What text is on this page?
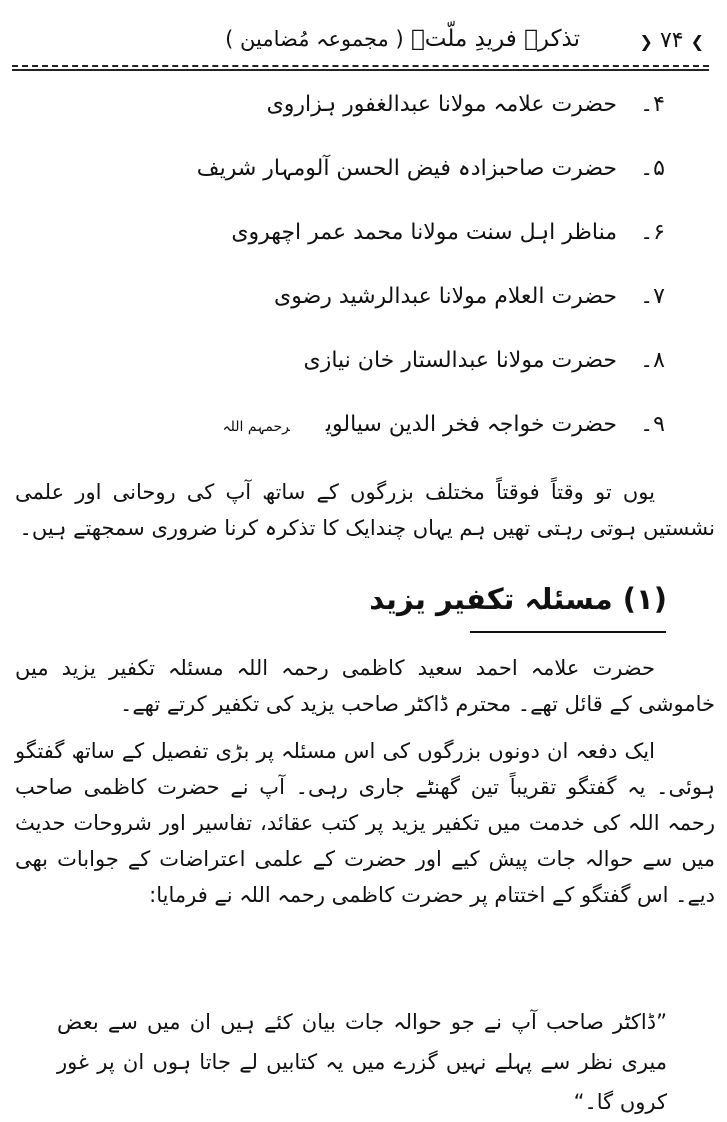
❯ ۷۴ ❮
تذکرۂ فریدِ ملّتؒ ( مجموعہ مُضامین )
۴۔
حضرت علامہ مولانا عبدالغفور ہزاروی
۵۔
حضرت صاحبزادہ فیض الحسن آلومہار شریف
۶۔
مناظر اہل سنت مولانا محمد عمر اچھروی
۷۔
حضرت العلام مولانا عبدالرشید رضوی
۸۔
حضرت مولانا عبدالستار خان نیازی
۹۔
حضرت خواجہ فخر الدین سیالویرحمہم اللہ
یوں تو وقتاً فوقتاً مختلف بزرگوں کے ساتھ آپ کی روحانی اور علمی نشستیں ہوتی رہتی تھیں ہم یہاں چندایک کا تذکرہ کرنا ضروری سمجھتے ہیں۔
(۱) مسئلہ تکفیر یزید
حضرت علامہ احمد سعید کاظمی رحمہ اللہ مسئلہ تکفیر یزید میں خاموشی کے قائل تھے۔ محترم ڈاکٹر صاحب یزید کی تکفیر کرتے تھے۔
ایک دفعہ ان دونوں بزرگوں کی اس مسئلہ پر بڑی تفصیل کے ساتھ گفتگو ہوئی۔ یہ گفتگو تقریباً تین گھنٹے جاری رہی۔ آپ نے حضرت کاظمی صاحب رحمہ اللہ کی خدمت میں تکفیر یزید پر کتب عقائد، تفاسیر اور شروحات حدیث میں سے حوالہ جات پیش کیے اور حضرت کے علمی اعتراضات کے جوابات بھی دیے۔ اس گفتگو کے اختتام پر حضرت کاظمی رحمہ اللہ نے فرمایا:
”ڈاکٹر صاحب آپ نے جو حوالہ جات بیان کئے ہیں ان میں سے بعض میری نظر سے پہلے نہیں گزرے میں یہ کتابیں لے جاتا ہوں ان پر غور کروں گا۔“
